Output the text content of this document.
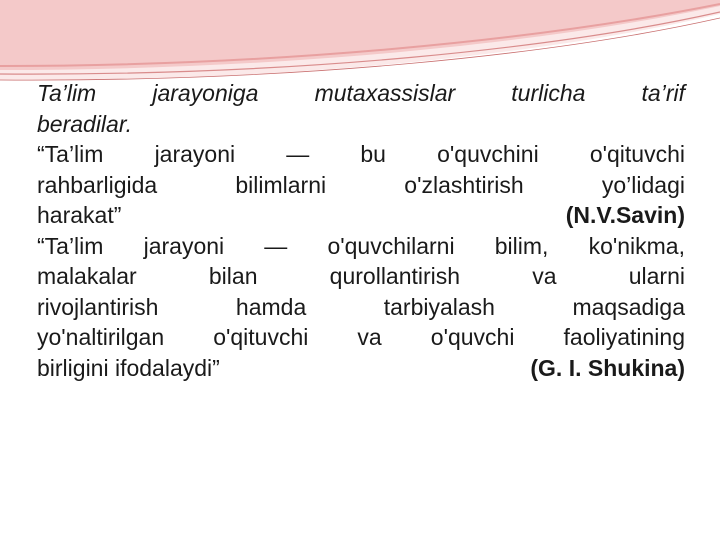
Ta’lim jarayoniga mutaxassislar turlicha ta’rif

beradilar.

“Ta’lim jarayoni — bu o'quvchini o'qituvchi

rahbarligida bilimlarni o'zlashtirish yo’lidagi

harakat”	(N.V.Savin)

“Ta’lim jarayoni — o'quvchilarni bilim, ko'nikma,

malakalar bilan qurollantirish va ularni

rivojlantirish hamda tarbiyalash maqsadiga

yo'naltirilgan o'qituvchi va o'quvchi faoliyatining

birligini ifodalaydi”	(G. I. Shukina)
